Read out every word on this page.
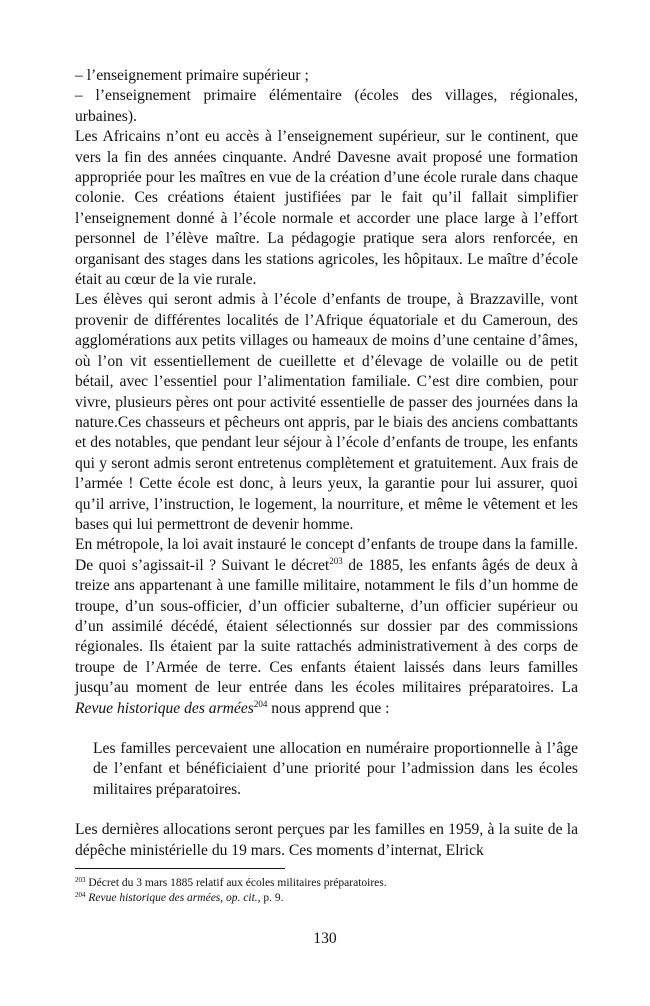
– l’enseignement primaire supérieur ;

– l’enseignement primaire élémentaire (écoles des villages, régionales, urbaines).

Les Africains n’ont eu accès à l’enseignement supérieur, sur le continent, que vers la fin des années cinquante. André Davesne avait proposé une formation appropriée pour les maîtres en vue de la création d’une école rurale dans chaque colonie. Ces créations étaient justifiées par le fait qu’il fallait simplifier l’enseignement donné à l’école normale et accorder une place large à l’effort personnel de l’élève maître. La pédagogie pratique sera alors renforcée, en organisant des stages dans les stations agricoles, les hôpitaux. Le maître d’école était au cœur de la vie rurale.

Les élèves qui seront admis à l’école d’enfants de troupe, à Brazzaville, vont provenir de différentes localités de l’Afrique équatoriale et du Cameroun, des agglomérations aux petits villages ou hameaux de moins d’une centaine d’âmes, où l’on vit essentiellement de cueillette et d’élevage de volaille ou de petit bétail, avec l’essentiel pour l’alimentation familiale. C’est dire combien, pour vivre, plusieurs pères ont pour activité essentielle de passer des journées dans la nature.Ces chasseurs et pêcheurs ont appris, par le biais des anciens combattants et des notables, que pendant leur séjour à l’école d’enfants de troupe, les enfants qui y seront admis seront entretenus complètement et gratuitement. Aux frais de l’armée ! Cette école est donc, à leurs yeux, la garantie pour lui assurer, quoi qu’il arrive, l’instruction, le logement, la nourriture, et même le vêtement et les bases qui lui permettront de devenir homme.

En métropole, la loi avait instauré le concept d’enfants de troupe dans la famille. De quoi s’agissait-il ? Suivant le décret$^{203}$ de 1885, les enfants âgés de deux à treize ans appartenant à une famille militaire, notamment le fils d’un homme de troupe, d’un sous-officier, d’un officier subalterne, d’un officier supérieur ou d’un assimilé décédé, étaient sélectionnés sur dossier par des commissions régionales. Ils étaient par la suite rattachés administrativement à des corps de troupe de l’Armée de terre. Ces enfants étaient laissés dans leurs familles jusqu’au moment de leur entrée dans les écoles militaires préparatoires. La Revue historique des armées$^{204}$ nous apprend que :

Les familles percevaient une allocation en numéraire proportionnelle à l’âge de l’enfant et bénéficiaient d’une priorité pour l’admission dans les écoles militaires préparatoires.

Les dernières allocations seront perçues par les familles en 1959, à la suite de la dépêche ministérielle du 19 mars. Ces moments d’internat, Elrick

$^{203}$ Décret du 3 mars 1885 relatif aux écoles militaires préparatoires.

$^{204}$ Revue historique des armées, op. cit., p. 9.

130
